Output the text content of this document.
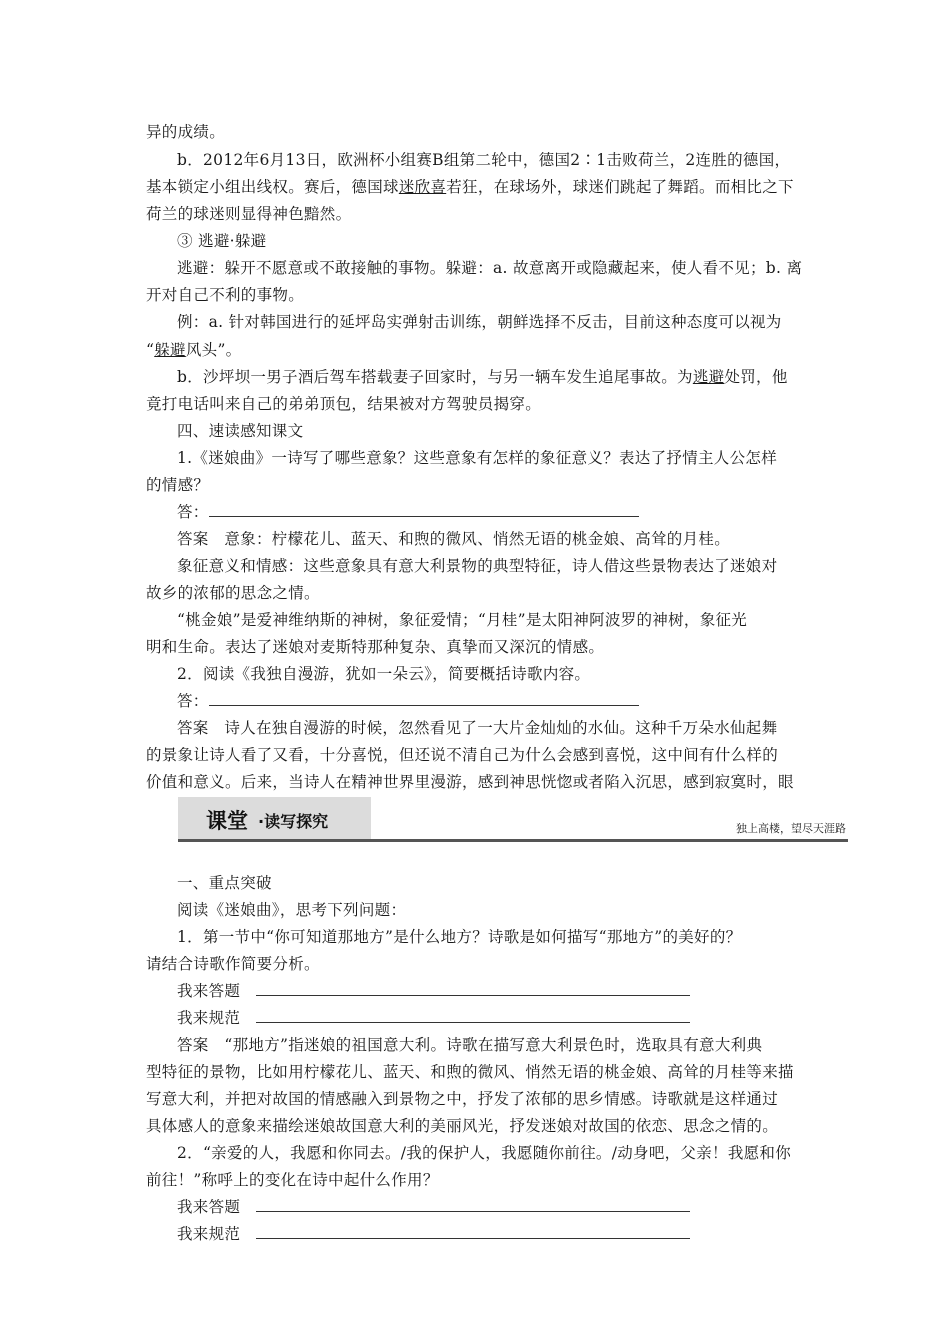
异的成绩。
b．2012年6月13日，欧洲杯小组赛B组第二轮中，德国2∶1击败荷兰，2连胜的德国，
基本锁定小组出线权。赛后，德国球迷欣喜若狂，在球场外，球迷们跳起了舞蹈。而相比之下
荷兰的球迷则显得神色黯然。
③ 逃避·躲避
逃避：躲开不愿意或不敢接触的事物。躲避：a. 故意离开或隐藏起来，使人看不见；b. 离
开对自己不利的事物。
例：a. 针对韩国进行的延坪岛实弹射击训练，朝鲜选择不反击，目前这种态度可以视为
“躲避风头”。
b．沙坪坝一男子酒后驾车搭载妻子回家时，与另一辆车发生追尾事故。为逃避处罚，他
竟打电话叫来自己的弟弟顶包，结果被对方驾驶员揭穿。
四、速读感知课文
1.《迷娘曲》一诗写了哪些意象？这些意象有怎样的象征意义？表达了抒情主人公怎样
的情感？
答：
答案　意象：柠檬花儿、蓝天、和煦的微风、悄然无语的桃金娘、高耸的月桂。
象征意义和情感：这些意象具有意大利景物的典型特征，诗人借这些景物表达了迷娘对
故乡的浓郁的思念之情。
“桃金娘”是爱神维纳斯的神树，象征爱情；“月桂”是太阳神阿波罗的神树，象征光
明和生命。表达了迷娘对麦斯特那种复杂、真挚而又深沉的情感。
2．阅读《我独自漫游，犹如一朵云》，简要概括诗歌内容。
答：
答案　诗人在独自漫游的时候，忽然看见了一大片金灿灿的水仙。这种千万朵水仙起舞
的景象让诗人看了又看，十分喜悦，但还说不清自己为什么会感到喜悦，这中间有什么样的
价值和意义。后来，当诗人在精神世界里漫游，感到神思恍惚或者陷入沉思，感到寂寞时，眼
课堂 ·读写探究	独上高楼，望尽天涯路
一、重点突破
阅读《迷娘曲》，思考下列问题：
1．第一节中“你可知道那地方”是什么地方？诗歌是如何描写“那地方”的美好的？
请结合诗歌作简要分析。
我来答题
我来规范
答案　“那地方”指迷娘的祖国意大利。诗歌在描写意大利景色时，选取具有意大利典
型特征的景物，比如用柠檬花儿、蓝天、和煦的微风、悄然无语的桃金娘、高耸的月桂等来描
写意大利，并把对故国的情感融入到景物之中，抒发了浓郁的思乡情感。诗歌就是这样通过
具体感人的意象来描绘迷娘故国意大利的美丽风光，抒发迷娘对故国的依恋、思念之情的。
2．“亲爱的人，我愿和你同去。/我的保护人，我愿随你前往。/动身吧，父亲！我愿和你
前往！”称呼上的变化在诗中起什么作用？
我来答题
我来规范
